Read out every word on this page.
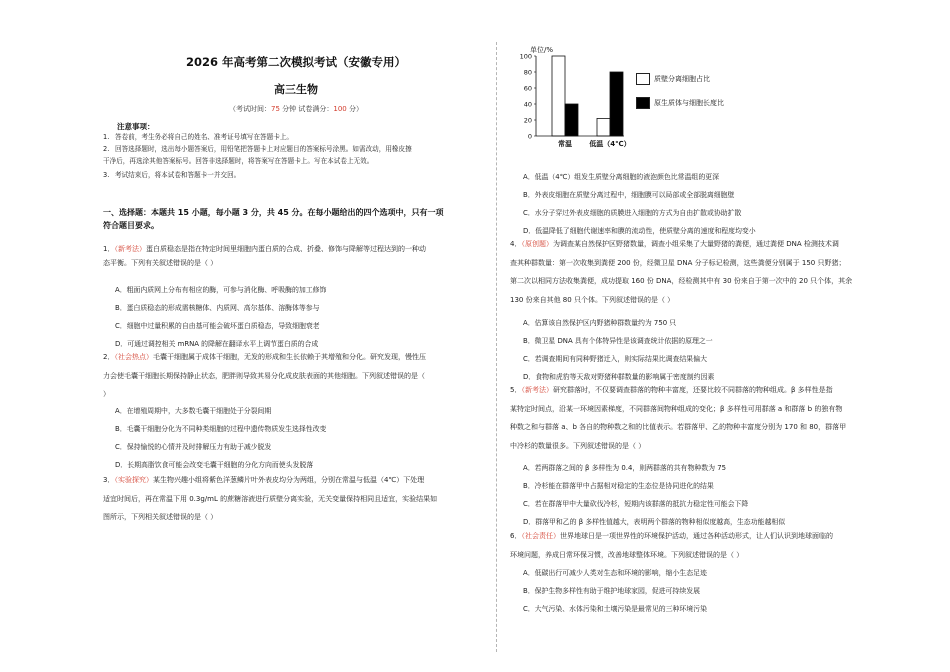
2026 年高考第二次模拟考试（安徽专用）
高三生物
（考试时间：75 分钟 试卷满分：100 分）
注意事项：
1. 答卷前，考生务必将自己的姓名、准考证号填写在答题卡上。
2. 回答选择题时，选出每小题答案后，用铅笔把答题卡上对应题目的答案标号涂黑。如需改动，用橡皮擦
干净后，再选涂其他答案标号。回答非选择题时，将答案写在答题卡上。写在本试卷上无效。
3. 考试结束后，将本试卷和答题卡一并交回。
一、选择题：本题共 15 小题，每小题 3 分，共 45 分。在每小题给出的四个选项中，只有一项
符合题目要求。
1．（新考法）蛋白质稳态是指在特定时间里细胞内蛋白质的合成、折叠、修饰与降解等过程达到的一种动
态平衡。下列有关叙述错误的是（ ）
A．粗面内质网上分布有相应的酶，可参与消化酶、呼吸酶的加工修饰
B．蛋白质稳态的形成需核糖体、内质网、高尔基体、溶酶体等参与
C．细胞中过量积累的自由基可能会破坏蛋白质稳态，导致细胞衰老
D．可通过调控相关 mRNA 的降解在翻译水平上调节蛋白质的合成
2．（社会热点）毛囊干细胞属于成体干细胞，无发的形成和生长依赖于其增殖和分化。研究发现，慢性压
力会使毛囊干细胞长期保持静止状态，肥胖则导致其易分化成皮肤表面的其他细胞。下列叙述错误的是（
）
A．在增殖周期中，大多数毛囊干细胞处于分裂间期
B．毛囊干细胞分化为不同种类细胞的过程中遗传物质发生选择性改变
C．保持愉悦的心情并及时排解压力有助于减少脱发
D．长期高脂饮食可能会改变毛囊干细胞的分化方向而使头发脱落
3．（实验探究）某生物兴趣小组将紫色洋葱鳞片叶外表皮均分为两组，分别在常温与低温（4℃）下处理
适宜时间后，再在常温下用 0.3g/mL 的蔗糖溶液进行质壁分离实验，无关变量保持相同且适宜，实验结果如
图所示，下列相关叙述错误的是（ ）
单位/%
100
80
60
40
20
0
常温 低温（4℃）
质壁分离细胞占比
原生质体与细胞长度比
A．低温（4℃）组发生质壁分离细胞的液泡颜色比常温组的更深
B．外表皮细胞在质壁分离过程中，细胞膜可以局部或全部脱离细胞壁
C．水分子穿过外表皮细胞的质膜进入细胞的方式为自由扩散或协助扩散
D．低温降低了细胞代谢速率和膜的流动性，使质壁分离的速度和程度均变小
4．（原创题）为调查某自然保护区野猪数量，调查小组采集了大量野猪的粪便，通过粪便 DNA 检测技术调
查其种群数量：第一次收集到粪便 200 份，经微卫星 DNA 分子标记检测，这些粪便分别属于 150 只野猪；
第二次以相同方法收集粪便，成功提取 160 份 DNA，经检测其中有 30 份来自于第一次中的 20 只个体，其余
130 份来自其他 80 只个体。下列叙述错误的是（ ）
A．估算该自然保护区内野猪种群数量约为 750 只
B．微卫星 DNA 具有个体特异性是该调查统计依据的原理之一
C．若调查期间有同种野猪迁入，则实际结果比调查结果偏大
D．食物和虎豹等天敌对野猪种群数量的影响属于密度制约因素
5．（新考法）研究群落时，不仅要调查群落的物种丰富度，还要比较不同群落的物种组成。β 多样性是指
某特定时间点，沿某一环境因素梯度，不同群落间物种组成的变化；β 多样性可用群落 a 和群落 b 的独有物
种数之和与群落 a、b 各自的物种数之和的比值表示。若群落甲、乙的物种丰富度分别为 170 和 80，群落甲
中冷杉的数量很多。下列叙述错误的是（ ）
A．若两群落之间的 β 多样性为 0.4，则两群落的共有物种数为 75
B．冷杉能在群落甲中占据相对稳定的生态位是协同进化的结果
C．若在群落甲中大量砍伐冷杉，短期内该群落的抵抗力稳定性可能会下降
D．群落甲和乙的 β 多样性值越大，表明两个群落的物种相似度越高，生态功能越相似
6．（社会责任）世界地球日是一项世界性的环境保护活动，通过各种活动形式，让人们认识到地球面临的
环境问题，养成日常环保习惯，改善地球整体环境。下列叙述错误的是（ ）
A．低碳出行可减少人类对生态和环境的影响，缩小生态足迹
B．保护生物多样性有助于维护地球家园，促进可持续发展
C．大气污染、水体污染和土壤污染是最常见的三种环境污染
